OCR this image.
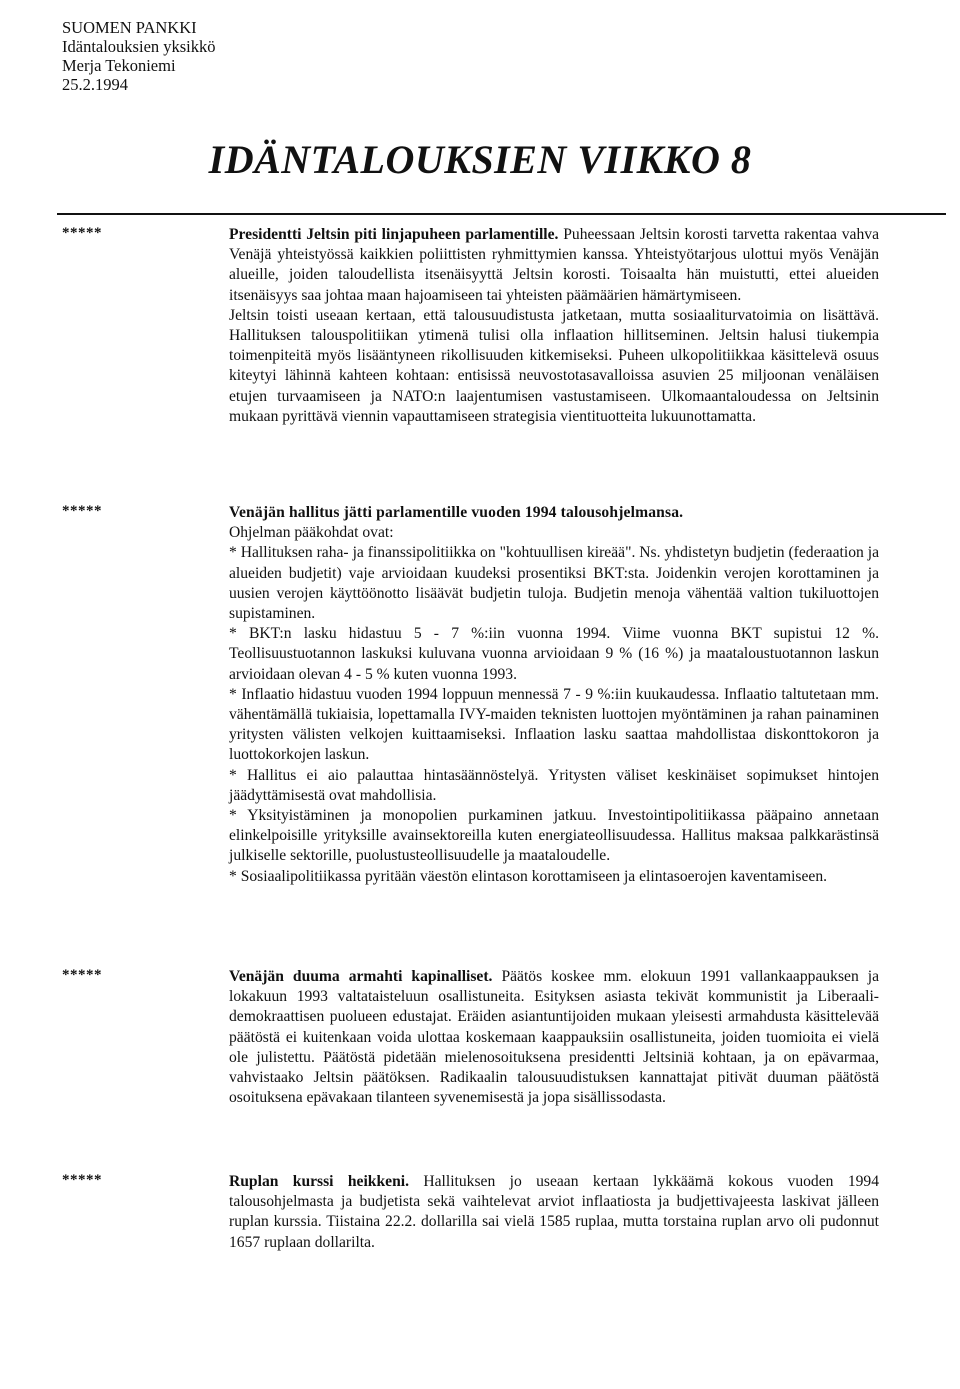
SUOMEN PANKKI
Idäntalouksien yksikkö
Merja Tekoniemi
25.2.1994
IDÄNTALOUKSIEN VIIKKO 8
*****	Presidentti Jeltsin piti linjapuheen parlamentille. Puheessaan Jeltsin korosti tarvetta rakentaa vahva Venäjä yhteistyössä kaikkien poliittisten ryhmittymien kanssa. Yhteistyötarjous ulottui myös Venäjän alueille, joiden taloudellista itsenäisyyttä Jeltsin korosti. Toisaalta hän muistutti, ettei alueiden itsenäisyys saa johtaa maan hajoamiseen tai yhteisten päämäärien hämärtymiseen.

Jeltsin toisti useaan kertaan, että talousuudistusta jatketaan, mutta sosiaaliturvatoimia on lisättävä. Hallituksen talouspolitiikan ytimenä tulisi olla inflaation hillitseminen. Jeltsin halusi tiukempia toimenpiteitä myös lisääntyneen rikollisuuden kitkemiseksi. Puheen ulkopolitiikkaa käsittelevä osuus kiteytyi lähinnä kahteen kohtaan: entisissä neuvostotasavalloissa asuvien 25 miljoonan venäläisen etujen turvaamiseen ja NATO:n laajentumisen vastustamiseen. Ulkomaantaloudessa on Jeltsinin mukaan pyrittävä viennin vapauttamiseen strategisia vientituotteita lukuunottamatta.

*****	Venäjän hallitus jätti parlamentille vuoden 1994 talousohjelmansa.

Ohjelman pääkohdat ovat:

* Hallituksen raha- ja finanssipolitiikka on "kohtuullisen kireää". Ns. yhdistetyn budjetin (federaation ja alueiden budjetit) vaje arvioidaan kuudeksi prosentiksi BKT:sta. Joidenkin verojen korottaminen ja uusien verojen käyttöönotto lisäävät budjetin tuloja. Budjetin menoja vähentää valtion tukiluottojen supistaminen.

* BKT:n lasku hidastuu 5 - 7 %:iin vuonna 1994. Viime vuonna BKT supistui 12 %. Teollisuustuotannon laskuksi kuluvana vuonna arvioidaan 9 % (16 %) ja maataloustuotannon laskun arvioidaan olevan 4 - 5 % kuten vuonna 1993.

* Inflaatio hidastuu vuoden 1994 loppuun mennessä 7 - 9 %:iin kuukaudessa. Inflaatio taltutetaan mm. vähentämällä tukiaisia, lopettamalla IVY-maiden teknisten luottojen myöntäminen ja rahan painaminen yritysten välisten velkojen kuittaamiseksi. Inflaation lasku saattaa mahdollistaa diskonttokoron ja luottokorkojen laskun.

* Hallitus ei aio palauttaa hintasäännöstelyä. Yritysten väliset keskinäiset sopimukset hintojen jäädyttämisestä ovat mahdollisia.

* Yksityistäminen ja monopolien purkaminen jatkuu. Investointipolitiikassa pääpaino annetaan elinkelpoisille yrityksille avainsektoreilla kuten energiateollisuudessa. Hallitus maksaa palkkarästinsä julkiselle sektorille, puolustusteollisuudelle ja maataloudelle.

* Sosiaalipolitiikassa pyritään väestön elintason korottamiseen ja elintasoerojen kaventamiseen.

*****	Venäjän duuma armahti kapinalliset. Päätös koskee mm. elokuun 1991 vallankaappauksen ja lokakuun 1993 valtataisteluun osallistuneita. Esityksen asiasta tekivät kommunistit ja Liberaali-demokraattisen puolueen edustajat. Eräiden asiantuntijoiden mukaan yleisesti armahdusta käsittelevää päätöstä ei kuitenkaan voida ulottaa koskemaan kaappauksiin osallistuneita, joiden tuomioita ei vielä ole julistettu. Päätöstä pidetään mielenosoituksena presidentti Jeltsiniä kohtaan, ja on epävarmaa, vahvistaako Jeltsin päätöksen. Radikaalin talousuudistuksen kannattajat pitivät duuman päätöstä osoituksena epävakaan tilanteen syvenemisestä ja jopa sisällissodasta.

*****	Ruplan kurssi heikkeni. Hallituksen jo useaan kertaan lykkäämä kokous vuoden 1994 talousohjelmasta ja budjetista sekä vaihtelevat arviot inflaatiosta ja budjettivajeesta laskivat jälleen ruplan kurssia. Tiistaina 22.2. dollarilla sai vielä 1585 ruplaa, mutta torstaina ruplan arvo oli pudonnut 1657 ruplaan dollarilta.
